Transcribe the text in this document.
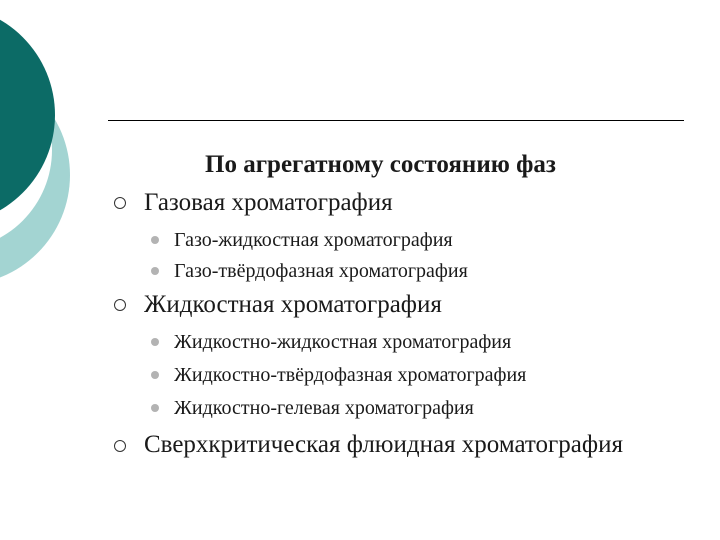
По агрегатному состоянию фаз
Газовая хроматография
Газо-жидкостная хроматография
Газо-твёрдофазная хроматография
Жидкостная хроматография
Жидкостно-жидкостная хроматография
Жидкостно-твёрдофазная хроматография
Жидкостно-гелевая хроматография
Сверхкритическая флюидная хроматография
